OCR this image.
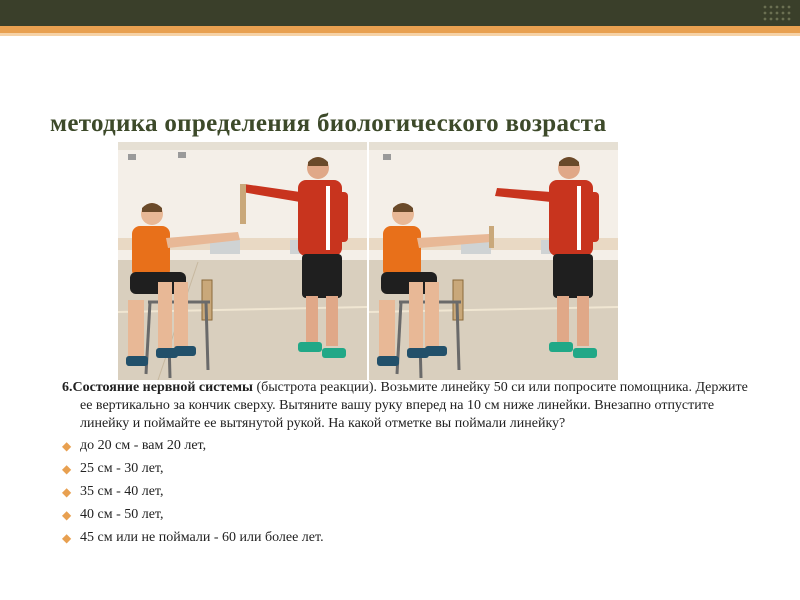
методика определения биологического возраста

6.Состояние нервной системы (быстрота реакции). Возьмите линейку 50 си или попросите помощника. Держите ее вертикально за кончик сверху. Вытяните вашу руку вперед на 10 см ниже линейки. Внезапно отпустите линейку и поймайте ее вытянутой рукой. На какой отметке вы поймали линейку?

◆ до 20 см - вам 20 лет,
◆ 25 см - 30 лет,
◆ 35 см - 40 лет,
◆ 40 см - 50 лет,
◆ 45 см или не поймали - 60 или более лет.
